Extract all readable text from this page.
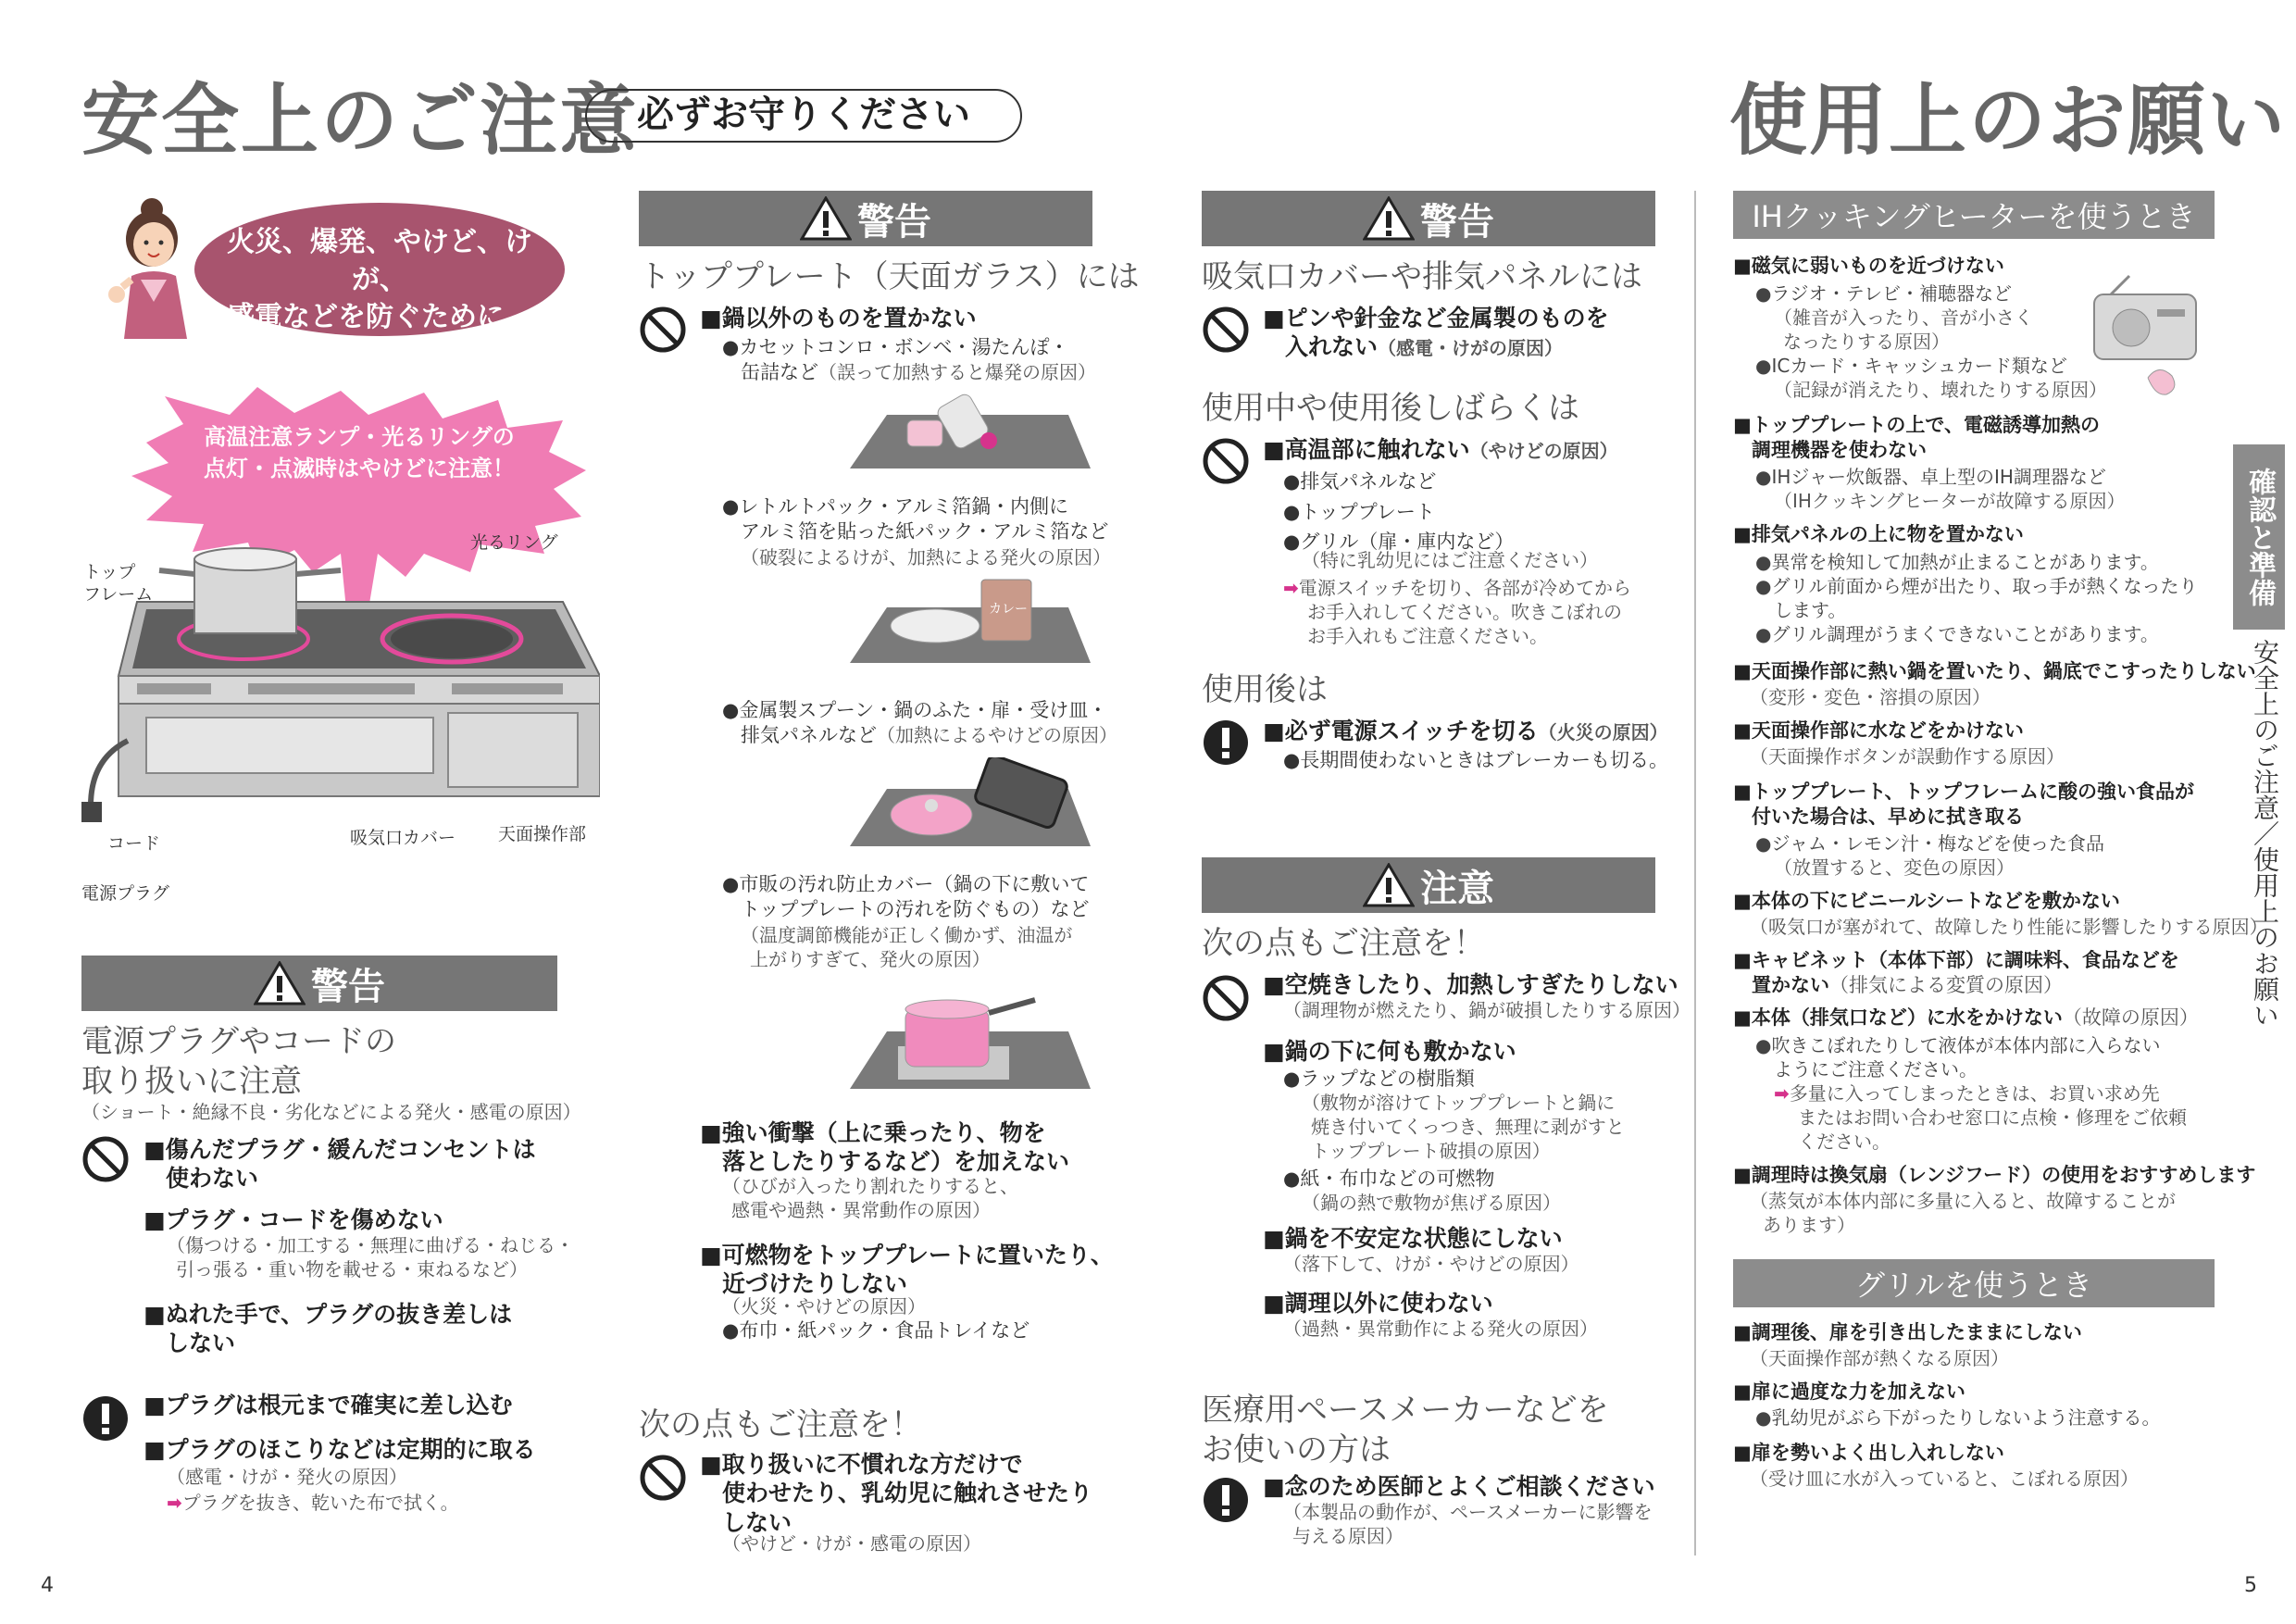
安全上のご注意
必ずお守りください	使用上のお願い
火災、爆発、やけど、けが、
感電などを防ぐために…
高温注意ランプ・光るリングの
点灯・点滅時はやけどに注意！
光るリング
トップ
フレーム
コード
電源プラグ
吸気口カバー 天面操作部
警告
電源プラグやコードの
取り扱いに注意
（ショート・絶縁不良・劣化などによる発火・感電の原因）
■傷んだプラグ・緩んだコンセントは
使わない
■プラグ・コードを傷めない
（傷つける・加工する・無理に曲げる・ねじる・
引っ張る・重い物を載せる・束ねるなど）
■ぬれた手で、プラグの抜き差しは
しない
■プラグは根元まで確実に差し込む
■プラグのほこりなどは定期的に取る
（感電・けが・発火の原因）
➡プラグを抜き、乾いた布で拭く。
警告
トッププレート（天面ガラス）には
■鍋以外のものを置かない
●カセットコンロ・ボンベ・湯たんぽ・
缶詰など（誤って加熱すると爆発の原因）
●レトルトパック・アルミ箔鍋・内側に
アルミ箔を貼った紙パック・アルミ箔など
（破裂によるけが、加熱による発火の原因）
カレー
●金属製スプーン・鍋のふた・扉・受け皿・
排気パネルなど（加熱によるやけどの原因）
●市販の汚れ防止カバー（鍋の下に敷いて
トッププレートの汚れを防ぐもの）など
（温度調節機能が正しく働かず、油温が
上がりすぎて、発火の原因）
■強い衝撃（上に乗ったり、物を
落としたりするなど）を加えない
（ひびが入ったり割れたりすると、
感電や過熱・異常動作の原因）
■可燃物をトッププレートに置いたり、
近づけたりしない
（火災・やけどの原因）
●布巾・紙パック・食品トレイなど
次の点もご注意を！
■取り扱いに不慣れな方だけで
使わせたり、乳幼児に触れさせたり
しない
（やけど・けが・感電の原因）
警告
吸気口カバーや排気パネルには
■ピンや針金など金属製のものを
入れない（感電・けがの原因）
使用中や使用後しばらくは
■高温部に触れない（やけどの原因）
●排気パネルなど
●トッププレート
●グリル（扉・庫内など）
（特に乳幼児にはご注意ください）
➡電源スイッチを切り、各部が冷めてから
お手入れしてください。吹きこぼれの
お手入れもご注意ください。
使用後は
■必ず電源スイッチを切る（火災の原因）
●長期間使わないときはブレーカーも切る。
注意
次の点もご注意を！
■空焼きしたり、加熱しすぎたりしない
（調理物が燃えたり、鍋が破損したりする原因）
■鍋の下に何も敷かない
●ラップなどの樹脂類
（敷物が溶けてトッププレートと鍋に
焼き付いてくっつき、無理に剥がすと
トッププレート破損の原因）
●紙・布巾などの可燃物
（鍋の熱で敷物が焦げる原因）
■鍋を不安定な状態にしない
（落下して、けが・やけどの原因）
■調理以外に使わない
（過熱・異常動作による発火の原因）
医療用ペースメーカーなどを
お使いの方は
■念のため医師とよくご相談ください
（本製品の動作が、ペースメーカーに影響を
与える原因）
IHクッキングヒーターを使うとき
■磁気に弱いものを近づけない
●ラジオ・テレビ・補聴器など
（雑音が入ったり、音が小さく
なったりする原因）
●ICカード・キャッシュカード類など
（記録が消えたり、壊れたりする原因）
■トッププレートの上で、電磁誘導加熱の
調理機器を使わない
●IHジャー炊飯器、卓上型のIH調理器など
（IHクッキングヒーターが故障する原因）
■排気パネルの上に物を置かない
●異常を検知して加熱が止まることがあります。
●グリル前面から煙が出たり、取っ手が熱くなったり
します。
●グリル調理がうまくできないことがあります。
■天面操作部に熱い鍋を置いたり、鍋底でこすったりしない
（変形・変色・溶損の原因）
■天面操作部に水などをかけない
（天面操作ボタンが誤動作する原因）
■トッププレート、トップフレームに酸の強い食品が
付いた場合は、早めに拭き取る
●ジャム・レモン汁・梅などを使った食品
（放置すると、変色の原因）
■本体の下にビニールシートなどを敷かない
（吸気口が塞がれて、故障したり性能に影響したりする原因）
■キャビネット（本体下部）に調味料、食品などを
置かない（排気による変質の原因）
■本体（排気口など）に水をかけない（故障の原因）
●吹きこぼれたりして液体が本体内部に入らない
ようにご注意ください。
➡多量に入ってしまったときは、お買い求め先
またはお問い合わせ窓口に点検・修理をご依頼
ください。
■調理時は換気扇（レンジフード）の使用をおすすめします
（蒸気が本体内部に多量に入ると、故障することが
あります）
グリルを使うとき
■調理後、扉を引き出したままにしない
（天面操作部が熱くなる原因）
■扉に過度な力を加えない
●乳幼児がぶら下がったりしないよう注意する。
■扉を勢いよく出し入れしない
（受け皿に水が入っていると、こぼれる原因）
確認と準備
安全上のご注意／使用上のお願い
4	5
